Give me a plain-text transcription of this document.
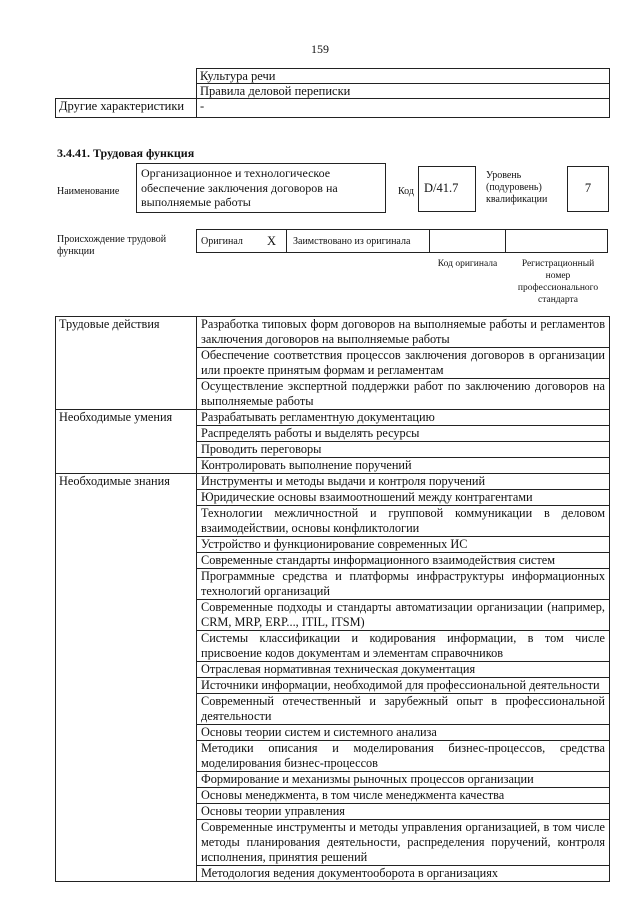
159
	Культура речи
	Правила деловой переписки
Другие характеристики	-
3.4.41. Трудовая функция
Наименование
Организационное и технологическое обеспечение заключения договоров на выполняемые работы
Код D/41.7
Уровень (подуровень) квалификации
7
Происхождение трудовой функции
Оригинал X Заимствовано из оригинала
Код оригинала	Регистрационный номер профессионального стандарта
Трудовые действия	Разработка типовых форм договоров на выполняемые работы и регламентов заключения договоров на выполняемые работы
	Обеспечение соответствия процессов заключения договоров в организации или проекте принятым формам и регламентам
	Осуществление экспертной поддержки работ по заключению договоров на выполняемые работы
Необходимые умения	Разрабатывать регламентную документацию
	Распределять работы и выделять ресурсы
	Проводить переговоры
	Контролировать выполнение поручений
Необходимые знания	Инструменты и методы выдачи и контроля поручений
	Юридические основы взаимоотношений между контрагентами
	Технологии межличностной и групповой коммуникации в деловом взаимодействии, основы конфликтологии
	Устройство и функционирование современных ИС
	Современные стандарты информационного взаимодействия систем
	Программные средства и платформы инфраструктуры информационных технологий организаций
	Современные подходы и стандарты автоматизации организации (например, CRM, MRP, ERP..., ITIL, ITSM)
	Системы классификации и кодирования информации, в том числе присвоение кодов документам и элементам справочников
	Отраслевая нормативная техническая документация
	Источники информации, необходимой для профессиональной деятельности
	Современный отечественный и зарубежный опыт в профессиональной деятельности
	Основы теории систем и системного анализа
	Методики описания и моделирования бизнес-процессов, средства моделирования бизнес-процессов
	Формирование и механизмы рыночных процессов организации
	Основы менеджмента, в том числе менеджмента качества
	Основы теории управления
	Современные инструменты и методы управления организацией, в том числе методы планирования деятельности, распределения поручений, контроля исполнения, принятия решений
	Методология ведения документооборота в организациях
